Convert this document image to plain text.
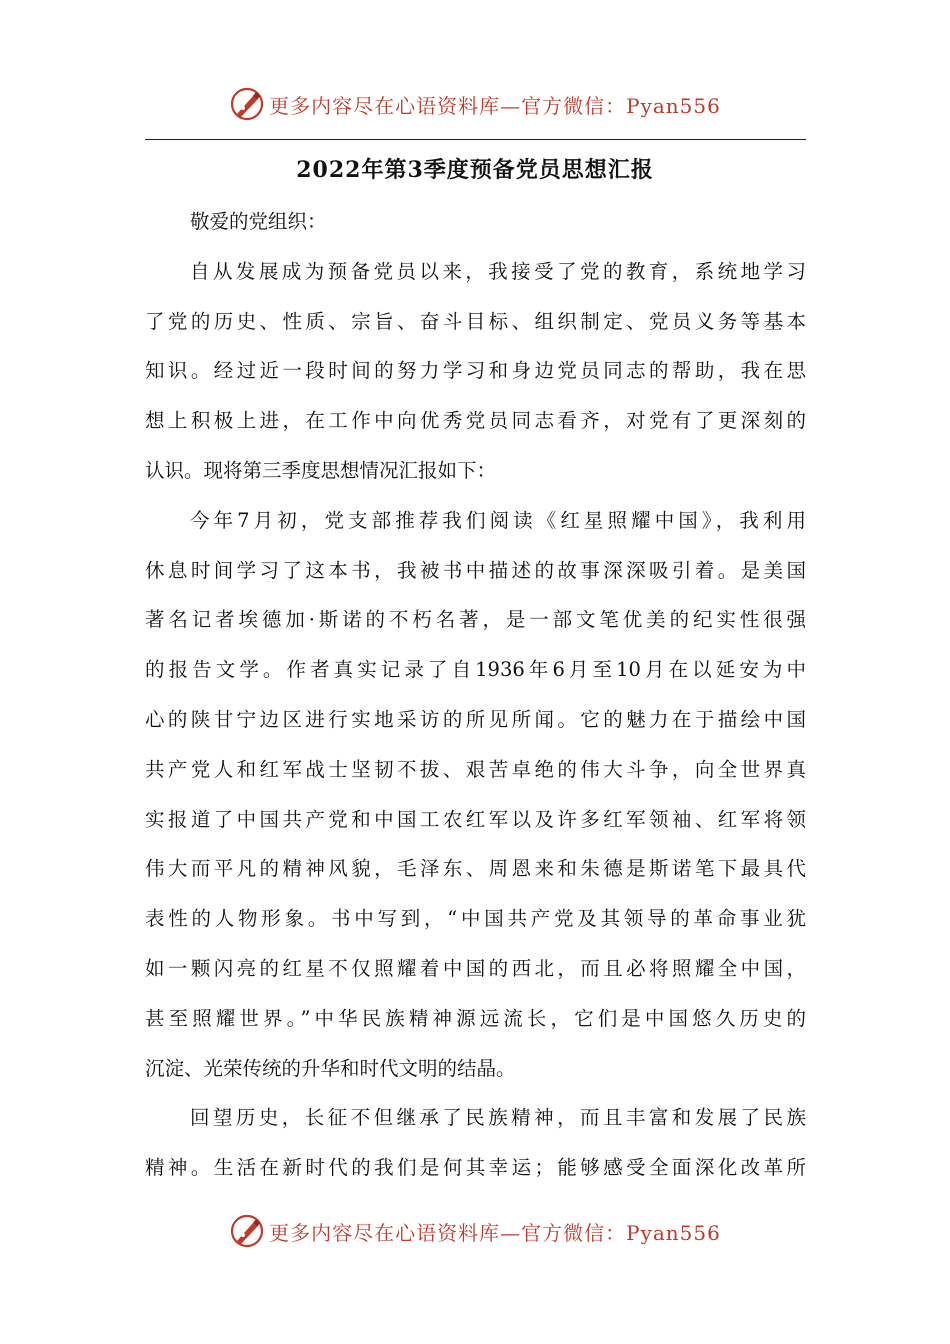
更多内容尽在心语资料库—官方微信：Pyan556
2022年第3季度预备党员思想汇报
敬爱的党组织：
自从发展成为预备党员以来，我接受了党的教育，系统地学习
了党的历史、性质、宗旨、奋斗目标、组织制定、党员义务等基本
知识。经过近一段时间的努力学习和身边党员同志的帮助，我在思
想上积极上进，在工作中向优秀党员同志看齐，对党有了更深刻的
认识。现将第三季度思想情况汇报如下：
今年7月初，党支部推荐我们阅读《红星照耀中国》，我利用
休息时间学习了这本书，我被书中描述的故事深深吸引着。是美国
著名记者埃德加·斯诺的不朽名著，是一部文笔优美的纪实性很强
的报告文学。作者真实记录了自1936年6月至10月在以延安为中
心的陕甘宁边区进行实地采访的所见所闻。它的魅力在于描绘中国
共产党人和红军战士坚韧不拔、艰苦卓绝的伟大斗争，向全世界真
实报道了中国共产党和中国工农红军以及许多红军领袖、红军将领
伟大而平凡的精神风貌，毛泽东、周恩来和朱德是斯诺笔下最具代
表性的人物形象。书中写到，“中国共产党及其领导的革命事业犹
如一颗闪亮的红星不仅照耀着中国的西北，而且必将照耀全中国，
甚至照耀世界。”中华民族精神源远流长，它们是中国悠久历史的
沉淀、光荣传统的升华和时代文明的结晶。
回望历史，长征不但继承了民族精神，而且丰富和发展了民族
精神。生活在新时代的我们是何其幸运；能够感受全面深化改革所
更多内容尽在心语资料库—官方微信：Pyan556
